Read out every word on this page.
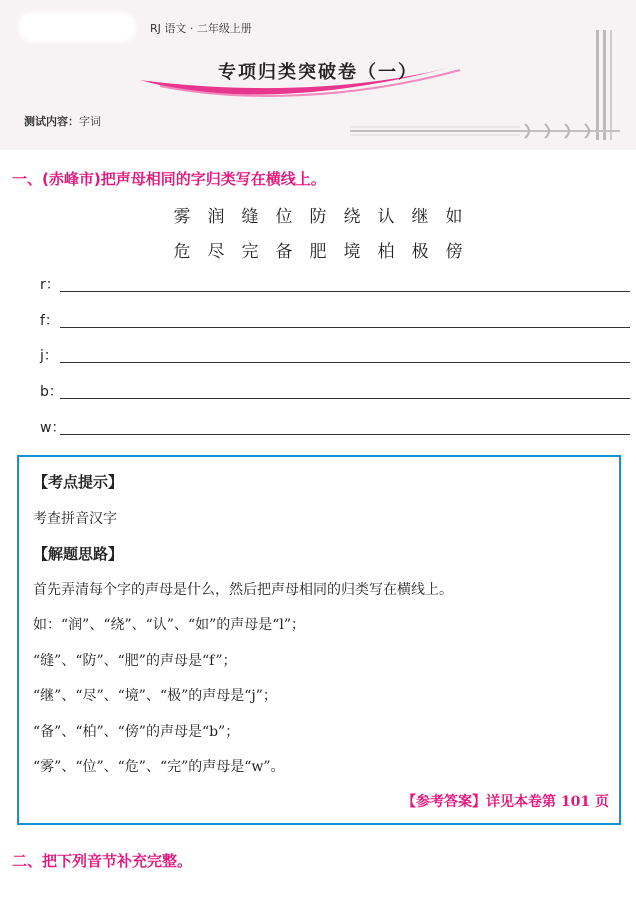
RJ 语文 · 二年级上册
专项归类突破卷（一）
测试内容：字词
一、(赤峰市)把声母相同的字归类写在横线上。
雾 润 缝 位 防 绕 认 继 如
危 尽 完 备 肥 境 柏 极 傍
r：
f：
j：
b：
w：
【考点提示】
考查拼音汉字
【解题思路】
首先弄清每个字的声母是什么，然后把声母相同的归类写在横线上。
如：“润”、“绕”、“认”、“如”的声母是“l”；
“缝”、“防”、“肥”的声母是“f”；
“继”、“尽”、“境”、“极”的声母是“j”；
“备”、“柏”、“傍”的声母是“b”；
“雾”、“位”、“危”、“完”的声母是“w”。
【参考答案】详见本卷第 101 页
二、把下列音节补充完整。
